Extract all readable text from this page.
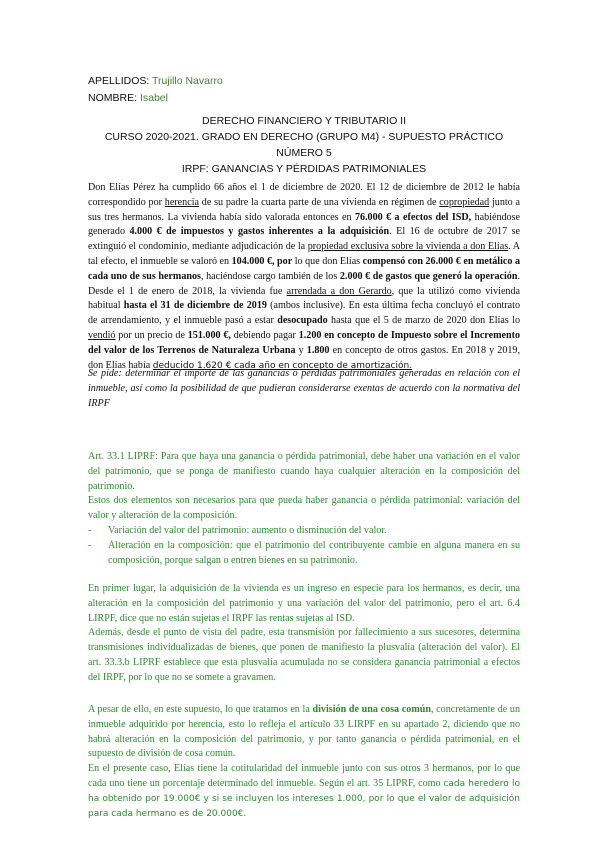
APELLIDOS: Trujillo Navarro
NOMBRE: Isabel
DERECHO FINANCIERO Y TRIBUTARIO II
CURSO 2020-2021. GRADO EN DERECHO (GRUPO M4) - SUPUESTO PRÁCTICO
NÚMERO 5
IRPF: GANANCIAS Y PÉRDIDAS PATRIMONIALES
Don Elías Pérez ha cumplido 66 años el 1 de diciembre de 2020. El 12 de diciembre de 2012 le había correspondido por herencia de su padre la cuarta parte de una vivienda en régimen de copropiedad junto a sus tres hermanos. La vivienda había sido valorada entonces en 76.000 € a efectos del ISD, habiéndose generado 4.000 € de impuestos y gastos inherentes a la adquisición. El 16 de octubre de 2017 se extinguió el condominio, mediante adjudicación de la propiedad exclusiva sobre la vivienda a don Elías. A tal efecto, el inmueble se valoró en 104.000 €, por lo que don Elías compensó con 26.000 € en metálico a cada uno de sus hermanos, haciéndose cargo también de los 2.000 € de gastos que generó la operación. Desde el 1 de enero de 2018, la vivienda fue arrendada a don Gerardo, que la utilizó como vivienda habitual hasta el 31 de diciembre de 2019 (ambos inclusive). En esta última fecha concluyó el contrato de arrendamiento, y el inmueble pasó a estar desocupado hasta que el 5 de marzo de 2020 don Elías lo vendió por un precio de 151.000 €, debiendo pagar 1.200 en concepto de Impuesto sobre el Incremento del valor de los Terrenos de Naturaleza Urbana y 1.800 en concepto de otros gastos. En 2018 y 2019, don Elías había deducido 1.620 € cada año en concepto de amortización.
Se pide: determinar el importe de las ganancias o pérdidas patrimoniales generadas en relación con el inmueble, así como la posibilidad de que pudieran considerarse exentas de acuerdo con la normativa del IRPF

Art. 33.1 LIPRF: Para que haya una ganancia o pérdida patrimonial, debe haber una variación en el valor del patrimonio, que se ponga de manifiesto cuando haya cualquier alteración en la composición del patrimonio.

Estos dos elementos son necesarios para que pueda haber ganancia o pérdida patrimonial: variación del valor y alteración de la composición.

-	Variación del valor del patrimonio: aumento o disminución del valor.
-	Alteración en la composición: que el patrimonio del contribuyente cambie en alguna manera en su composición, porque salgan o entren bienes en su patrimonio.

En primer lugar, la adquisición de la vivienda es un ingreso en especie para los hermanos, es decir, una alteración en la composición del patrimonio y una variación del valor del patrimonio, pero el art. 6.4 LIRPF, dice que no están sujetas el IRPF las rentas sujetas al ISD.

Además, desde el punto de vista del padre, esta transmisión por fallecimiento a sus sucesores, determina transmisiones individualizadas de bienes, que ponen de manifiesto la plusvalía (alteración del valor). El art. 33.3.b LIPRF establece que esta plusvalía acumulada no se considera ganancia patrimonial a efectos del IRPF, por lo que no se somete a gravamen.

A pesar de ello, en este supuesto, lo que tratamos en la división de una cosa común, concretamente de un inmueble adquirido por herencia, esto lo refleja el artículo 33 LIRPF en su apartado 2, diciendo que no habrá alteración en la composición del patrimonio, y por tanto ganancia o pérdida patrimonial, en el supuesto de división de cosa común.

En el presente caso, Elías tiene la cotitularidad del inmueble junto con sus otros 3 hermanos, por lo que cada uno tiene un porcentaje determinado del inmueble. Según el art. 35 LIPRF, como cada heredero lo ha obtenido por 19.000€ y si se incluyen los intereses 1.000, por lo que el valor de adquisición para cada hermano es de 20.000€.
